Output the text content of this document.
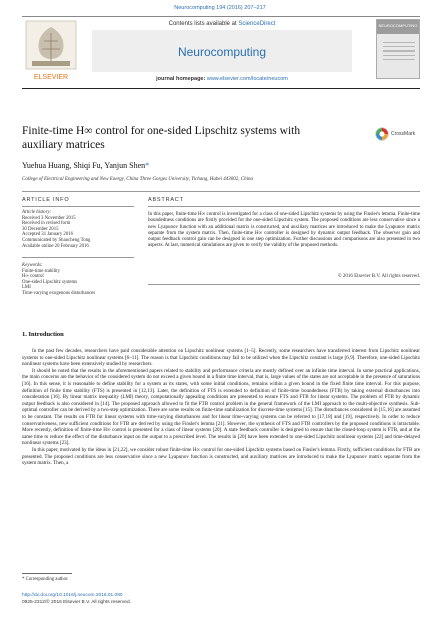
Neurocomputing 194 (2016) 207–217
ELSEVIER
Contents lists available at ScienceDirect
Neurocomputing
journal homepage: www.elsevier.com/locate/neucom
NEUROCOMPUTING
Finite-time H∞ control for one-sided Lipschitz systems with auxiliary matrices
CrossMark
Yuehua Huang, Shiqi Fu, Yanjun Shen*
College of Electrical Engineering and New Energy, China Three Gorges University, Yichang, Hubei 443002, China
ARTICLE INFO
Article history:
Received 3 November 2015
Received in revised form
30 December 2015
Accepted 31 January 2016
Communicated by Shaocheng Tong
Available online 20 February 2016
Keywords:
Finite-time stability
H∞ control
One-sided Lipschitz systems
LMI
Time-varying exogenous disturbances
ABSTRACT
In this paper, finite-time H∞ control is investigated for a class of one-sided Lipschitz systems by using the Finsler's lemma. Finite-time boundedness conditions are firstly provided for the one-sided Lipschitz system. The proposed conditions are less conservative since a new Lyapunov function with an additional matrix is constructed, and auxiliary matrices are introduced to make the Lyapunov matrix separate from the system matrix. Then, finite-time H∞ controller is designed by dynamic output feedback. The observer gain and output feedback control gain can be designed in one step optimization. Further discussions and comparisons are also presented in two aspects. At last, numerical simulations are given to verify the validity of the proposed methods.
© 2016 Elsevier B.V. All rights reserved.
1. Introduction

In the past few decades, researchers have paid considerable attention on Lipschitz nonlinear systems [1–5]. Recently, some researchers have transferred interest from Lipschitz nonlinear systems to one-sided Lipschitz nonlinear systems [6–11]. The reason is that Lipschitz conditions may fail to be utilized when the Lipschitz constant is large [6,9]. Therefore, one-sided Lipschitz nonlinear systems have been extensively studied by researchers.

It should be noted that the results in the aforementioned papers related to stability and performance criteria are mostly defined over an infinite time interval. In some practical applications, the main concerns are the behavior of the considered system do not exceed a given bound in a finite time interval, that is, large values of the states are not acceptable in the presence of saturations [16]. In this sense, it is reasonable to define stability for a system as its states, with some initial conditions, remains within a given bound in the fixed finite time interval. For this purpose, definition of finite time stability (FTS) is presented in [12,13]. Later, the definition of FTS is extended to definition of finite-time boundedness (FTB) by taking external disturbances into consideration [16]. By linear matrix inequality (LMI) theory, computationally appealing conditions are presented to ensure FTS and FTB for linear systems. The problem of FTB by dynamic output feedback is also considered in [14]. The proposed approach allowed to fit the FTB control problem in the general framework of the LMI approach to the multi-objective synthesis. Sub-optimal controller can be derived by a two-step optimization. There are some results on finite-time stabilization for discrete-time systems [15]. The disturbances considered in [15,16] are assumed to be constant. The results on FTB for linear systems with time-varying disturbances and for linear time-varying systems can be referred to [17,18] and [19], respectively. In order to reduce conservativeness, new sufficient conditions for FTB are derived by using the Finsler's lemma [21]. However, the synthesis of FTS and FTB controllers by the proposed conditions is intractable. More recently, definition of finite-time H∞ control is presented for a class of linear systems [20]. A state feedback controller is designed to ensure that the closed-loop system is FTB, and at the same time to reduce the effect of the disturbance input on the output to a prescribed level. The results in [20] have been extended to one-sided Lipschitz nonlinear systems [22] and time-delayed nonlinear systems [23].

In this paper, motivated by the ideas in [21,22], we consider robust finite-time H∞ control for one-sided Lipschitz systems based on Finsler's lemma. Firstly, sufficient conditions for FTB are presented. The proposed conditions are less conservative since a new Lyapunov function is constructed, and auxiliary matrices are introduced to make the Lyapunov matrix separate from the system matrix. Then, a

* Corresponding author.
http://dx.doi.org/10.1016/j.neucom.2016.01.080
0925-2312/© 2016 Elsevier B.V. All rights reserved.
